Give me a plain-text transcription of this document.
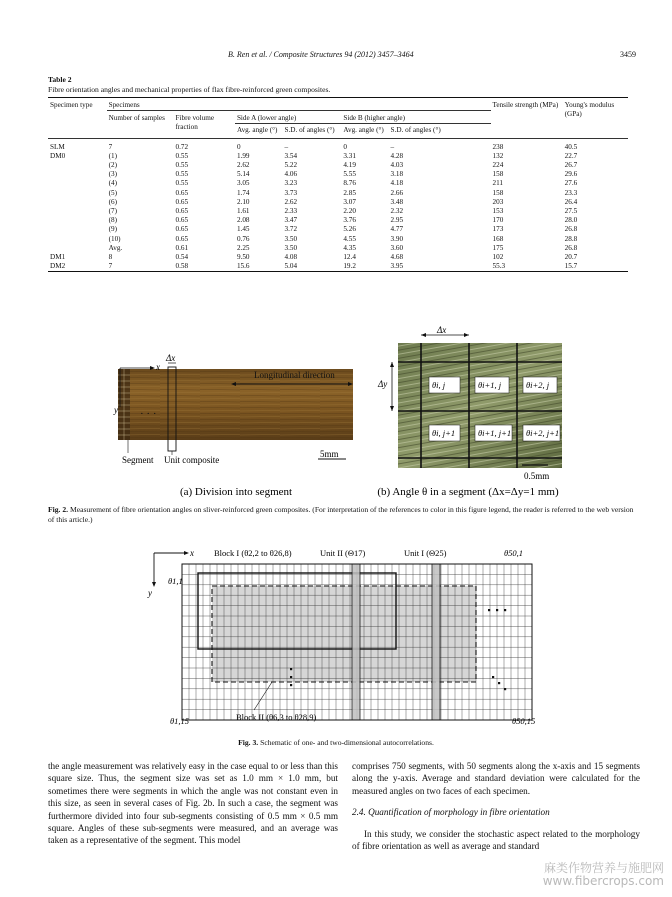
B. Ren et al. / Composite Structures 94 (2012) 3457–3464	3459
Table 2
Fibre orientation angles and mechanical properties of flax fibre-reinforced green composites.
Specimen type	Specimens						Tensile strength (MPa)	Young's modulus (GPa)
	Number of samples	Fibre volume fraction	Side A (lower angle)		Side B (higher angle)			
			Avg. angle (°)	S.D. of angles (°)	Avg. angle (°)	S.D. of angles (°)		
SLM	7	0.72	0	–	0	–	238	40.5
DM0	(1)	0.55	1.99	3.54	3.31	4.28	132	22.7
	(2)	0.55	2.62	5.22	4.19	4.03	224	26.7
	(3)	0.55	5.14	4.06	5.55	3.18	158	29.6
	(4)	0.55	3.05	3.23	8.76	4.18	211	27.6
	(5)	0.65	1.74	3.73	2.85	2.66	158	23.3
	(6)	0.65	2.10	2.62	3.07	3.48	203	26.4
	(7)	0.65	1.61	2.33	2.20	2.32	153	27.5
	(8)	0.65	2.08	3.47	3.76	2.95	170	28.0
	(9)	0.65	1.45	3.72	5.26	4.77	173	26.8
	(10)	0.65	0.76	3.50	4.55	3.90	168	28.8
	Avg.	0.61	2.25	3.50	4.35	3.60	175	26.8
DM1	8	0.54	9.50	4.08	12.4	4.68	102	20.7
DM2	7	0.58	15.6	5.04	19.2	3.95	55.3	15.7
Δx
x
y · · ·
Longitudinal direction
5mm
Segment Unit composite
(a) Division into segment
θi, j	θi+1, j	θi+2, j
θi, j+1	θi+1, j+1 θi+2, j+1
Δx
Δy
0.5mm
(b) Angle θ in a segment (Δx=Δy=1 mm)
Fig. 2. Measurement of fibre orientation angles on sliver-reinforced green composites. (For interpretation of the references to color in this figure legend, the reader is referred to the web version of this article.)
x
y
Block I (θ2,2 to θ26,8)	Unit II (Θ17)	Unit I (Θ25)	θ50,1
θ1,1
θ1,15	θ50,15
Block II (θ6,3 to θ28,9)
Fig. 3. Schematic of one- and two-dimensional autocorrelations.
the angle measurement was relatively easy in the case equal to or less than this square size. Thus, the segment size was set as 1.0 mm × 1.0 mm, but sometimes there were segments in which the angle was not constant even in this size, as seen in several cases of Fig. 2b. In such a case, the segment was furthermore divided into four sub-segments consisting of 0.5 mm × 0.5 mm square. Angles of these sub-segments were measured, and an average was taken as a representative of the segment. This model
comprises 750 segments, with 50 segments along the x-axis and 15 segments along the y-axis. Average and standard deviation were calculated for the measured angles on two faces of each specimen.
2.4. Quantification of morphology in fibre orientation
In this study, we consider the stochastic aspect related to the morphology of fibre orientation as well as average and standard
麻类作物营养与施肥网
www.fibercrops.com
